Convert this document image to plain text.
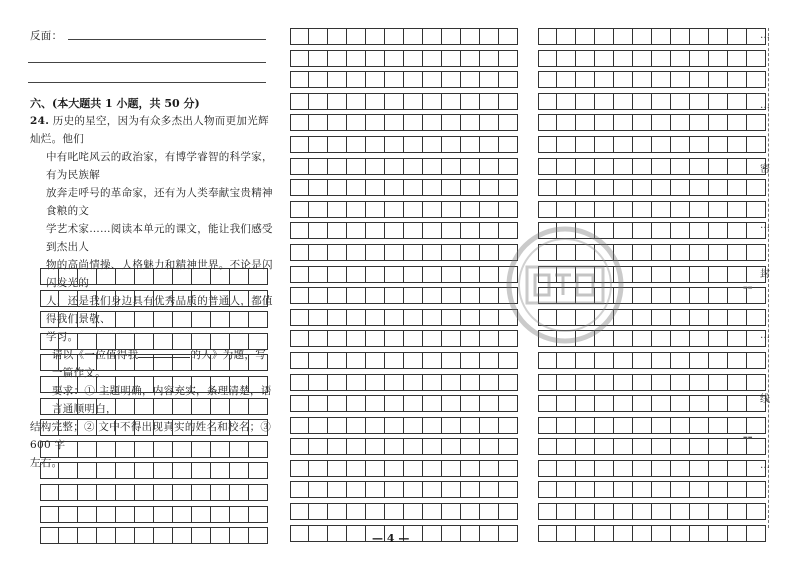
反面：
六、(本大题共 1 小题，共 50 分)
24. 历史的星空，因为有众多杰出人物而更加光辉灿烂。他们
中有叱咤风云的政治家，有博学睿智的科学家，有为民族解
放奔走呼号的革命家，还有为人类奉献宝贵精神食粮的文
学艺术家……阅读本单元的课文，能让我们感受到杰出人
物的高尚情操、人格魅力和精神世界。不论是闪闪发光的
人，还是我们身边具有优秀品质的普通人，都值得我们景敬、
学习。
请以《一位值得我	的人》为题，写一篇作文。
要求：① 主题明确，内容充实，条理清楚，语言通顺明白，
结构完整；② 文中不得出现真实的姓名和校名；③ 600 字
左右。
…
…
密
…
封
…
线
…
▬▬
▬▬
— 4 —
